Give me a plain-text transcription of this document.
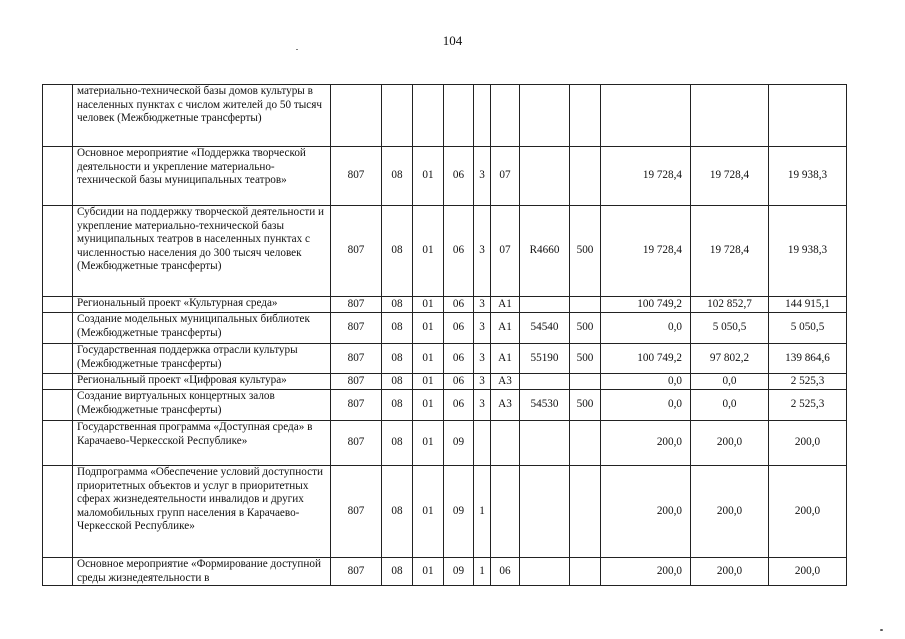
104
	материально-технической базы домов культуры в населенных пунктах с числом жителей до 50 тысяч человек (Межбюджетные трансферты)											
	Основное мероприятие «Поддержка творческой деятельности и укрепление материально-технической базы муниципальных театров»	807	08	01	06	3	07			19 728,4	19 728,4	19 938,3
	Субсидии на поддержку творческой деятельности и укрепление материально-технической базы муниципальных театров в населенных пунктах с численностью населения до 300 тысяч человек (Межбюджетные трансферты)	807	08	01	06	3	07	R4660	500	19 728,4	19 728,4	19 938,3
	Региональный проект «Культурная среда»	807	08	01	06	3	A1			100 749,2	102 852,7	144 915,1
	Создание модельных муниципальных библиотек (Межбюджетные трансферты)	807	08	01	06	3	A1	54540	500	0,0	5 050,5	5 050,5
	Государственная поддержка отрасли культуры (Межбюджетные трансферты)	807	08	01	06	3	A1	55190	500	100 749,2	97 802,2	139 864,6
	Региональный проект «Цифровая культура»	807	08	01	06	3	A3			0,0	0,0	2 525,3
	Создание виртуальных концертных залов (Межбюджетные трансферты)	807	08	01	06	3	A3	54530	500	0,0	0,0	2 525,3
	Государственная программа «Доступная среда» в Карачаево-Черкесской Республике»	807	08	01	09					200,0	200,0	200,0
	Подпрограмма «Обеспечение условий доступности приоритетных объектов и услуг в приоритетных сферах жизнедеятельности инвалидов и других маломобильных групп населения в Карачаево-Черкесской Республике»	807	08	01	09	1				200,0	200,0	200,0

	Основное мероприятие «Формирование доступной среды жизнедеятельности в	807	08	01	09	1	06			200,0	200,0	200,0
